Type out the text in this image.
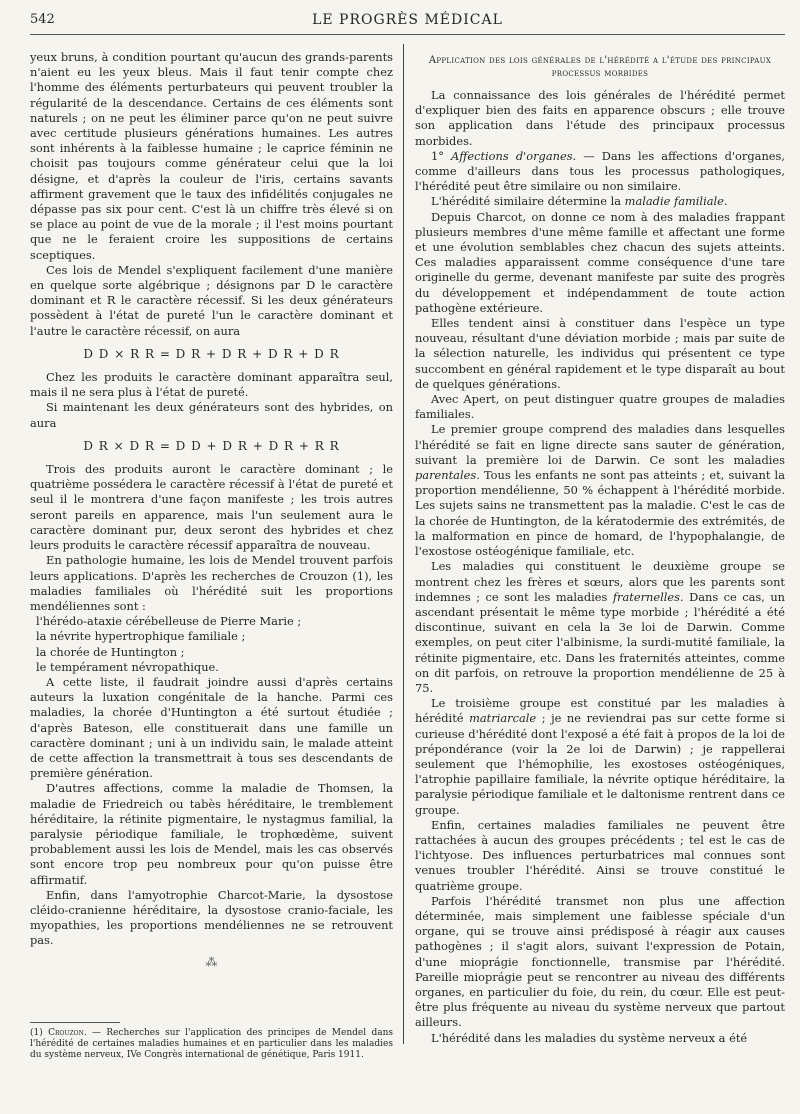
542	LE PROGRÈS MÉDICAL

yeux bruns, à condition pourtant qu'aucun des grands-parents n'aient eu les yeux bleus. Mais il faut tenir compte chez l'homme des éléments perturbateurs qui peuvent troubler la régularité de la descendance. Certains de ces éléments sont naturels ; on ne peut les éliminer parce qu'on ne peut suivre avec certitude plusieurs générations humaines. Les autres sont inhérents à la faiblesse humaine ; le caprice féminin ne choisit pas toujours comme générateur celui que la loi désigne, et d'après la couleur de l'iris, certains savants affirment gravement que le taux des infidélités conjugales ne dépasse pas six pour cent. C'est là un chiffre très élevé si on se place au point de vue de la morale ; il l'est moins pourtant que ne le feraient croire les suppositions de certains sceptiques.

Ces lois de Mendel s'expliquent facilement d'une manière en quelque sorte algébrique ; désignons par D le caractère dominant et R le caractère récessif. Si les deux générateurs possèdent à l'état de pureté l'un le caractère dominant et l'autre le caractère récessif, on aura

D D × R R = D R + D R + D R + D R

Chez les produits le caractère dominant apparaîtra seul, mais il ne sera plus à l'état de pureté.

Si maintenant les deux générateurs sont des hybrides, on aura

D R × D R = D D + D R + D R + R R

Trois des produits auront le caractère dominant ; le quatrième possédera le caractère récessif à l'état de pureté et seul il le montrera d'une façon manifeste ; les trois autres seront pareils en apparence, mais l'un seulement aura le caractère dominant pur, deux seront des hybrides et chez leurs produits le caractère récessif apparaîtra de nouveau.

En pathologie humaine, les lois de Mendel trouvent parfois leurs applications. D'après les recherches de Crouzon (1), les maladies familiales où l'hérédité suit les proportions mendéliennes sont :

l'hérédo-ataxie cérébelleuse de Pierre Marie ;

la névrite hypertrophique familiale ;

la chorée de Huntington ;

le tempérament névropathique.

A cette liste, il faudrait joindre aussi d'après certains auteurs la luxation congénitale de la hanche. Parmi ces maladies, la chorée d'Huntington a été surtout étudiée ; d'après Bateson, elle constituerait dans une famille un caractère dominant ; uni à un individu sain, le malade atteint de cette affection la transmettrait à tous ses descendants de première génération.

D'autres affections, comme la maladie de Thomsen, la maladie de Friedreich ou tabès héréditaire, le tremblement héréditaire, la rétinite pigmentaire, le nystagmus familial, la paralysie périodique familiale, le trophœdème, suivent probablement aussi les lois de Mendel, mais les cas observés sont encore trop peu nombreux pour qu'on puisse être affirmatif.

Enfin, dans l'amyotrophie Charcot-Marie, la dysostose cléido-cranienne héréditaire, la dysostose cranio-faciale, les myopathies, les proportions mendéliennes ne se retrouvent pas.

⁂

(1) Crouzon. — Recherches sur l'application des principes de Mendel dans l'hérédité de certaines maladies humaines et en particulier dans les maladies du système nerveux, IVe Congrès international de génétique, Paris 1911.

Application des lois générales de l'hérédité a l'étude des principaux processus morbides

La connaissance des lois générales de l'hérédité permet d'expliquer bien des faits en apparence obscurs ; elle trouve son application dans l'étude des principaux processus morbides.

1° Affections d'organes. — Dans les affections d'organes, comme d'ailleurs dans tous les processus pathologiques, l'hérédité peut être similaire ou non similaire.

L'hérédité similaire détermine la maladie familiale.

Depuis Charcot, on donne ce nom à des maladies frappant plusieurs membres d'une même famille et affectant une forme et une évolution semblables chez chacun des sujets atteints. Ces maladies apparaissent comme conséquence d'une tare originelle du germe, devenant manifeste par suite des progrès du développement et indépendamment de toute action pathogène extérieure.

Elles tendent ainsi à constituer dans l'espèce un type nouveau, résultant d'une déviation morbide ; mais par suite de la sélection naturelle, les individus qui présentent ce type succombent en général rapidement et le type disparaît au bout de quelques générations.

Avec Apert, on peut distinguer quatre groupes de maladies familiales.

Le premier groupe comprend des maladies dans lesquelles l'hérédité se fait en ligne directe sans sauter de génération, suivant la première loi de Darwin. Ce sont les maladies parentales. Tous les enfants ne sont pas atteints ; et, suivant la proportion mendélienne, 50 % échappent à l'hérédité morbide. Les sujets sains ne transmettent pas la maladie. C'est le cas de la chorée de Huntington, de la kératodermie des extrémités, de la malformation en pince de homard, de l'hypophalangie, de l'exostose ostéogénique familiale, etc.

Les maladies qui constituent le deuxième groupe se montrent chez les frères et sœurs, alors que les parents sont indemnes ; ce sont les maladies fraternelles. Dans ce cas, un ascendant présentait le même type morbide ; l'hérédité a été discontinue, suivant en cela la 3e loi de Darwin. Comme exemples, on peut citer l'albinisme, la surdi-mutité familiale, la rétinite pigmentaire, etc. Dans les fraternités atteintes, comme on dit parfois, on retrouve la proportion mendélienne de 25 à 75.

Le troisième groupe est constitué par les maladies à hérédité matriarcale ; je ne reviendrai pas sur cette forme si curieuse d'hérédité dont l'exposé a été fait à propos de la loi de prépondérance (voir la 2e loi de Darwin) ; je rappellerai seulement que l'hémophilie, les exostoses ostéogéniques, l'atrophie papillaire familiale, la névrite optique héréditaire, la paralysie périodique familiale et le daltonisme rentrent dans ce groupe.

Enfin, certaines maladies familiales ne peuvent être rattachées à aucun des groupes précédents ; tel est le cas de l'ichtyose. Des influences perturbatrices mal connues sont venues troubler l'hérédité. Ainsi se trouve constitué le quatrième groupe.

Parfois l'hérédité transmet non plus une affection déterminée, mais simplement une faiblesse spéciale d'un organe, qui se trouve ainsi prédisposé à réagir aux causes pathogènes ; il s'agit alors, suivant l'expression de Potain, d'une mioprágie fonctionnelle, transmise par l'hérédité. Pareille mioprágie peut se rencontrer au niveau des différents organes, en particulier du foie, du rein, du cœur. Elle est peut-être plus fréquente au niveau du système nerveux que partout ailleurs.

L'hérédité dans les maladies du système nerveux a été
